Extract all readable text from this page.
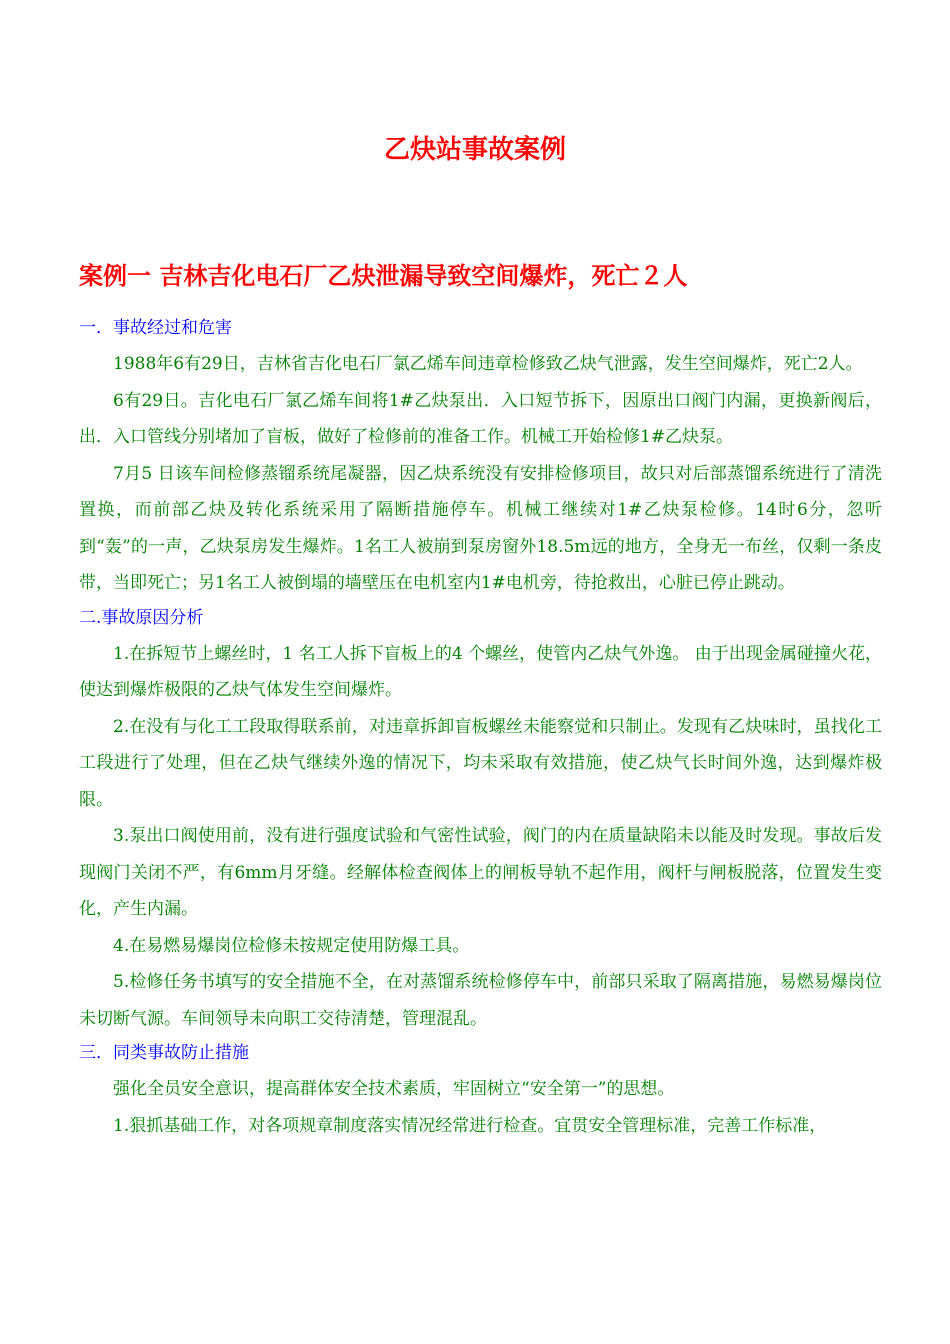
乙炔站事故案例
案例一 吉林吉化电石厂乙炔泄漏导致空间爆炸，死亡２人
一．事故经过和危害

1988年6有29日，吉林省吉化电石厂氯乙烯车间违章检修致乙炔气泄露，发生空间爆炸，死亡2人。

6有29日。吉化电石厂氯乙烯车间将1#乙炔泵出．入口短节拆下，因原出口阀门内漏，更换新阀后，出．入口管线分别堵加了盲板，做好了检修前的准备工作。机械工开始检修1#乙炔泵。

7月5 日该车间检修蒸镏系统尾凝器，因乙炔系统没有安排检修项目，故只对后部蒸馏系统进行了清洗置换，而前部乙炔及转化系统采用了隔断措施停车。机械工继续对1#乙炔泵检修。14时6分，忽听到“轰”的一声，乙炔泵房发生爆炸。1名工人被崩到泵房窗外18.5m远的地方，全身无一布丝，仅剩一条皮带，当即死亡；另1名工人被倒塌的墙壁压在电机室内1#电机旁，待抢救出，心脏已停止跳动。

二.事故原因分析

1.在拆短节上螺丝时，1 名工人拆下盲板上的4 个螺丝，使管内乙炔气外逸。 由于出现金属碰撞火花，使达到爆炸极限的乙炔气体发生空间爆炸。

2.在没有与化工工段取得联系前，对违章拆卸盲板螺丝未能察觉和只制止。发现有乙炔味时，虽找化工工段进行了处理，但在乙炔气继续外逸的情况下，均未采取有效措施，使乙炔气长时间外逸，达到爆炸极限。

3.泵出口阀使用前，没有进行强度试验和气密性试验，阀门的内在质量缺陷未以能及时发现。事故后发现阀门关闭不严，有6mm月牙缝。经解体检查阀体上的闸板导轨不起作用，阀杆与闸板脱落，位置发生变化，产生内漏。

4.在易燃易爆岗位检修未按规定使用防爆工具。

5.检修任务书填写的安全措施不全，在对蒸馏系统检修停车中，前部只采取了隔离措施，易燃易爆岗位未切断气源。车间领导未向职工交待清楚，管理混乱。

三．同类事故防止措施

强化全员安全意识，提高群体安全技术素质，牢固树立“安全第一”的思想。

1.狠抓基础工作，对各项规章制度落实情况经常进行检查。宜贯安全管理标准，完善工作标准，
